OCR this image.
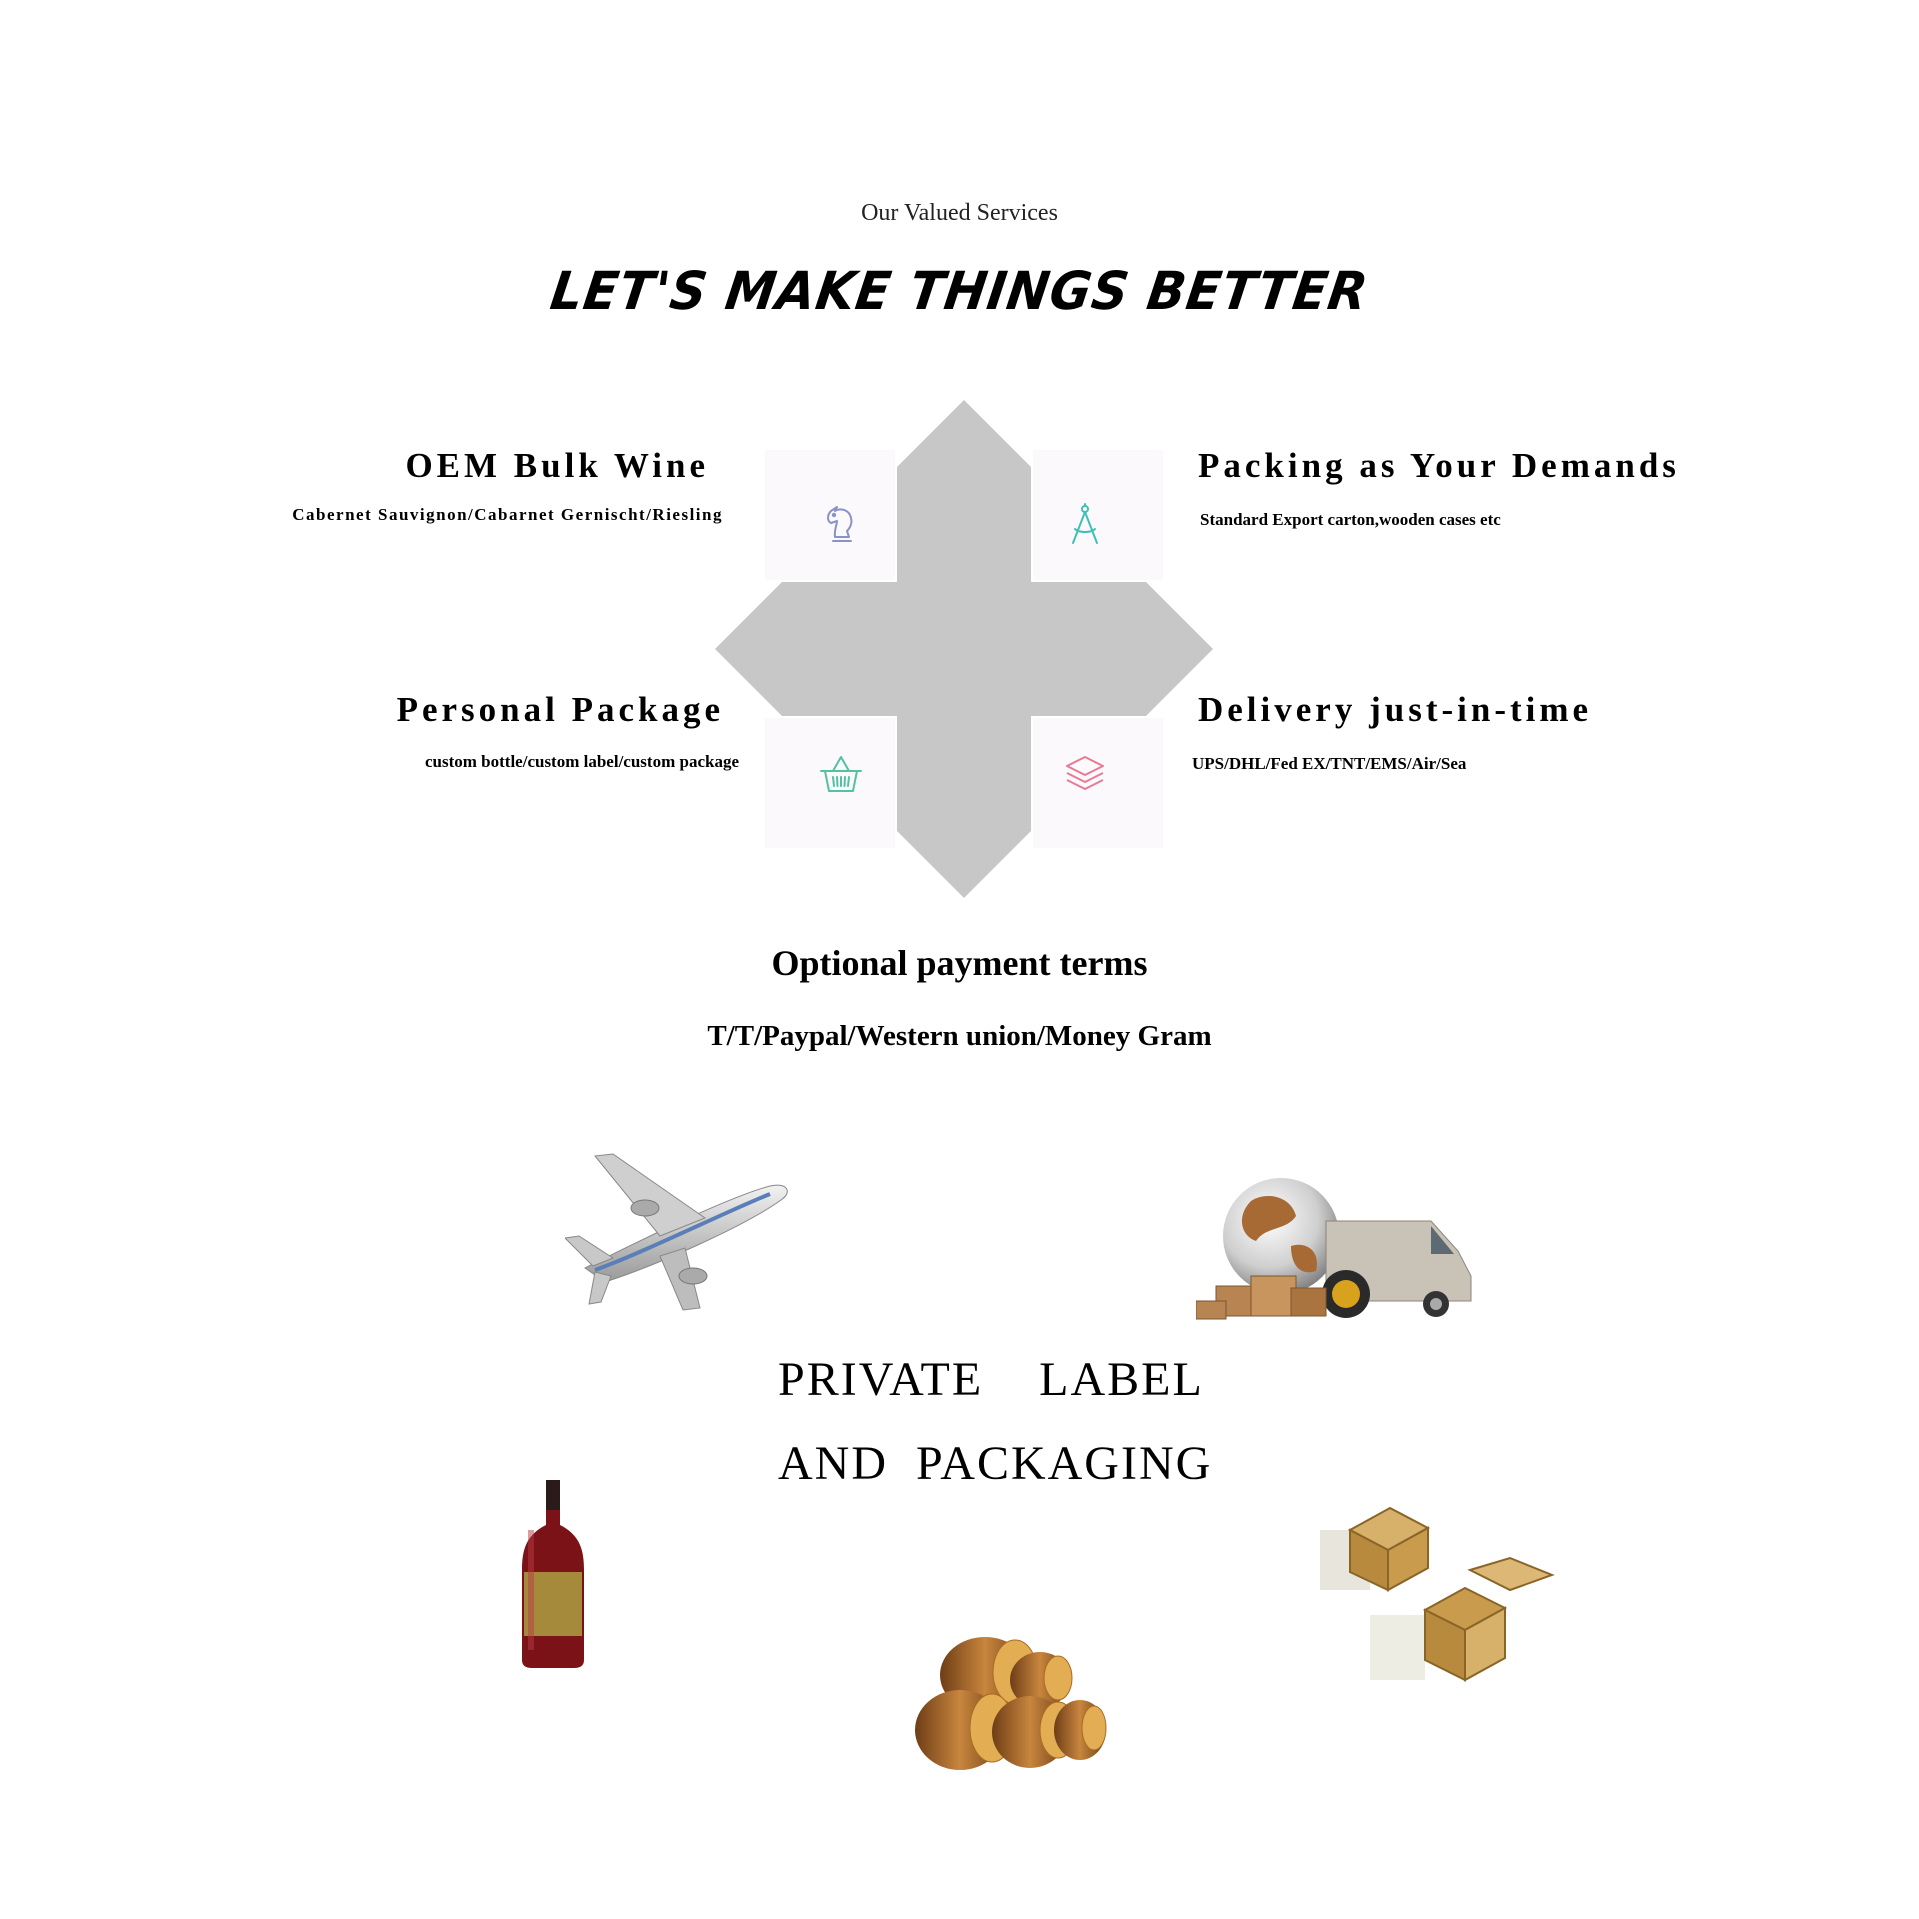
Our Valued Services
LET'S MAKE THINGS BETTER
OEM Bulk Wine
Cabernet Sauvignon/Cabarnet Gernischt/Riesling
Packing as Your Demands
Standard Export carton,wooden cases etc
Personal Package
custom bottle/custom label/custom package
Delivery just-in-time
UPS/DHL/Fed EX/TNT/EMS/Air/Sea
Optional payment terms
T/T/Paypal/Western union/Money Gram
PRIVATE    LABEL
AND  PACKAGING
